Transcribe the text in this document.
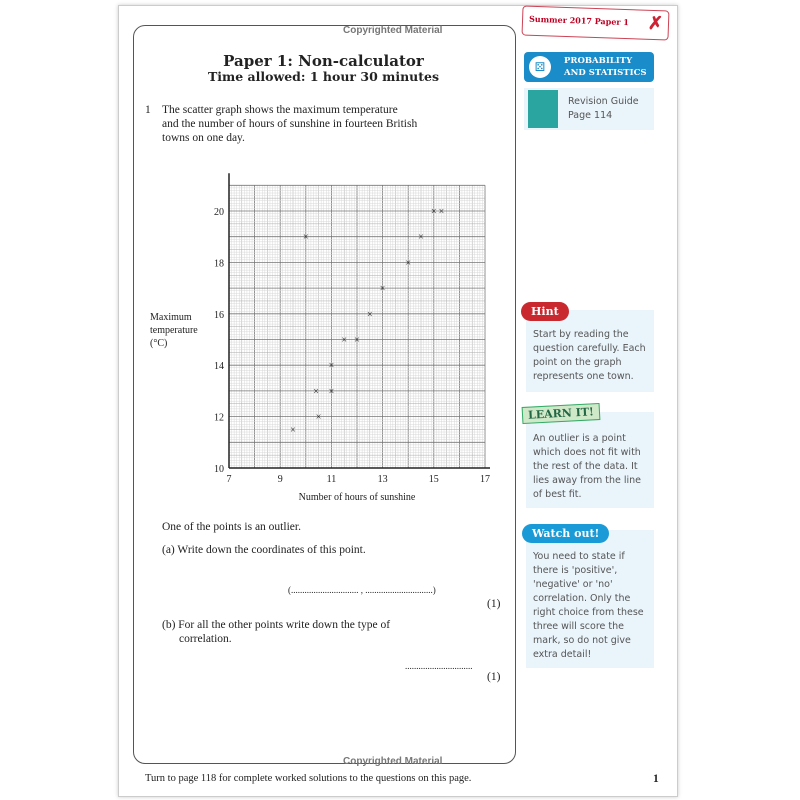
Copyrighted Material
Summer 2017 Paper 1 ✗
Paper 1: Non-calculator
Time allowed: 1 hour 30 minutes
1 The scatter graph shows the maximum temperature
and the number of hours of sunshine in fourteen British
towns on one day.
7	9	11	13	15	17
10
12
14
16
18
20
Number of hours of sunshine
Maximum
temperature
(°C)
×
×
×
×
×
×
× ×
×
×
×
×
× ×
One of the points is an outlier.
(a) Write down the coordinates of this point.
(.............................. , ..............................)
(1)
(b) For all the other points write down the type of
correlation.
..............................
(1)
Copyrighted Material
Turn to page 118 for complete worked solutions to the questions on this page.	1
⚄	PROBABILITY
AND STATISTICS
Revision Guide
Page 114
Start by reading the
question carefully. Each
point on the graph
represents one town.
Hint
An outlier is a point
which does not fit with
the rest of the data. It
lies away from the line
of best fit.
LEARN IT!
You need to state if
there is 'positive',
'negative' or 'no'
correlation. Only the
right choice from these
three will score the
mark, so do not give
extra detail!
Watch out!
